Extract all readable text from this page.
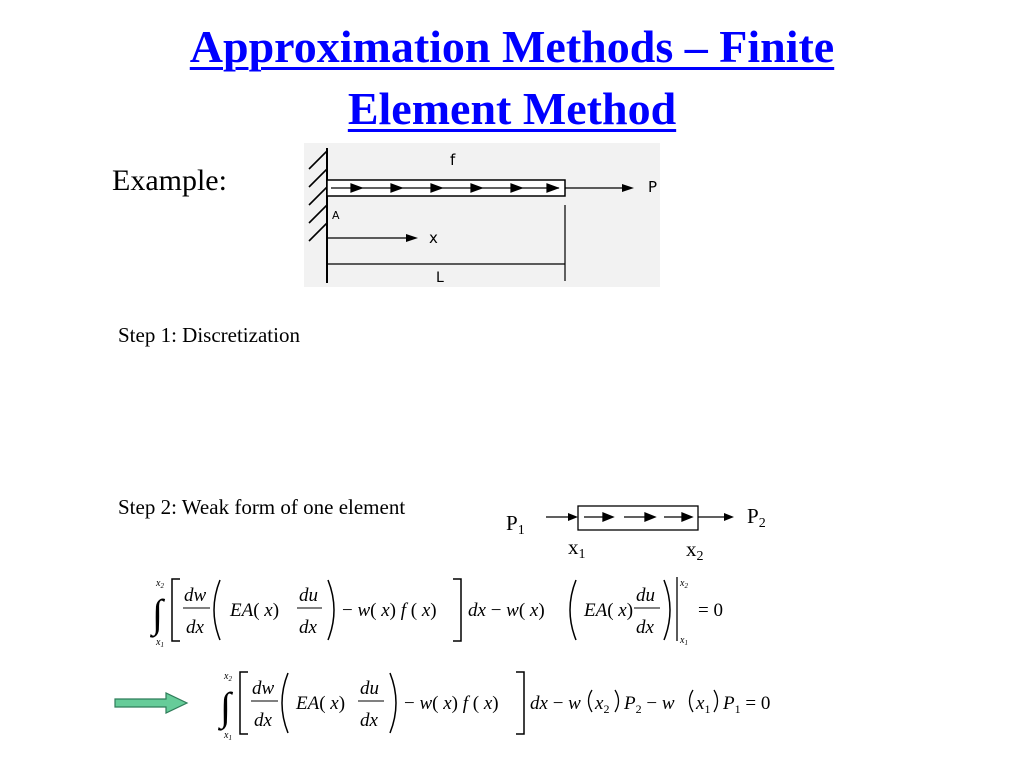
Approximation Methods – Finite
Element Method
Example:
f
P
A
x
L
Step 1: Discretization
Step 2: Weak form of one element
P1
P2
x1	x2
$x_2$
∫
$x_1$
dw
dx
EA( x)
du
dx
− w( x) f ( x) dx − w( x) EA( x)
du
dx
$x_2$
$x_1$
= 0
$x_2$
∫
$x_1$
dw
dx
EA( x)
du
dx
− w( x) f ( x) dx − w $x_2$ $P_2 - w$ $x_1$ $P_1 = 0$
